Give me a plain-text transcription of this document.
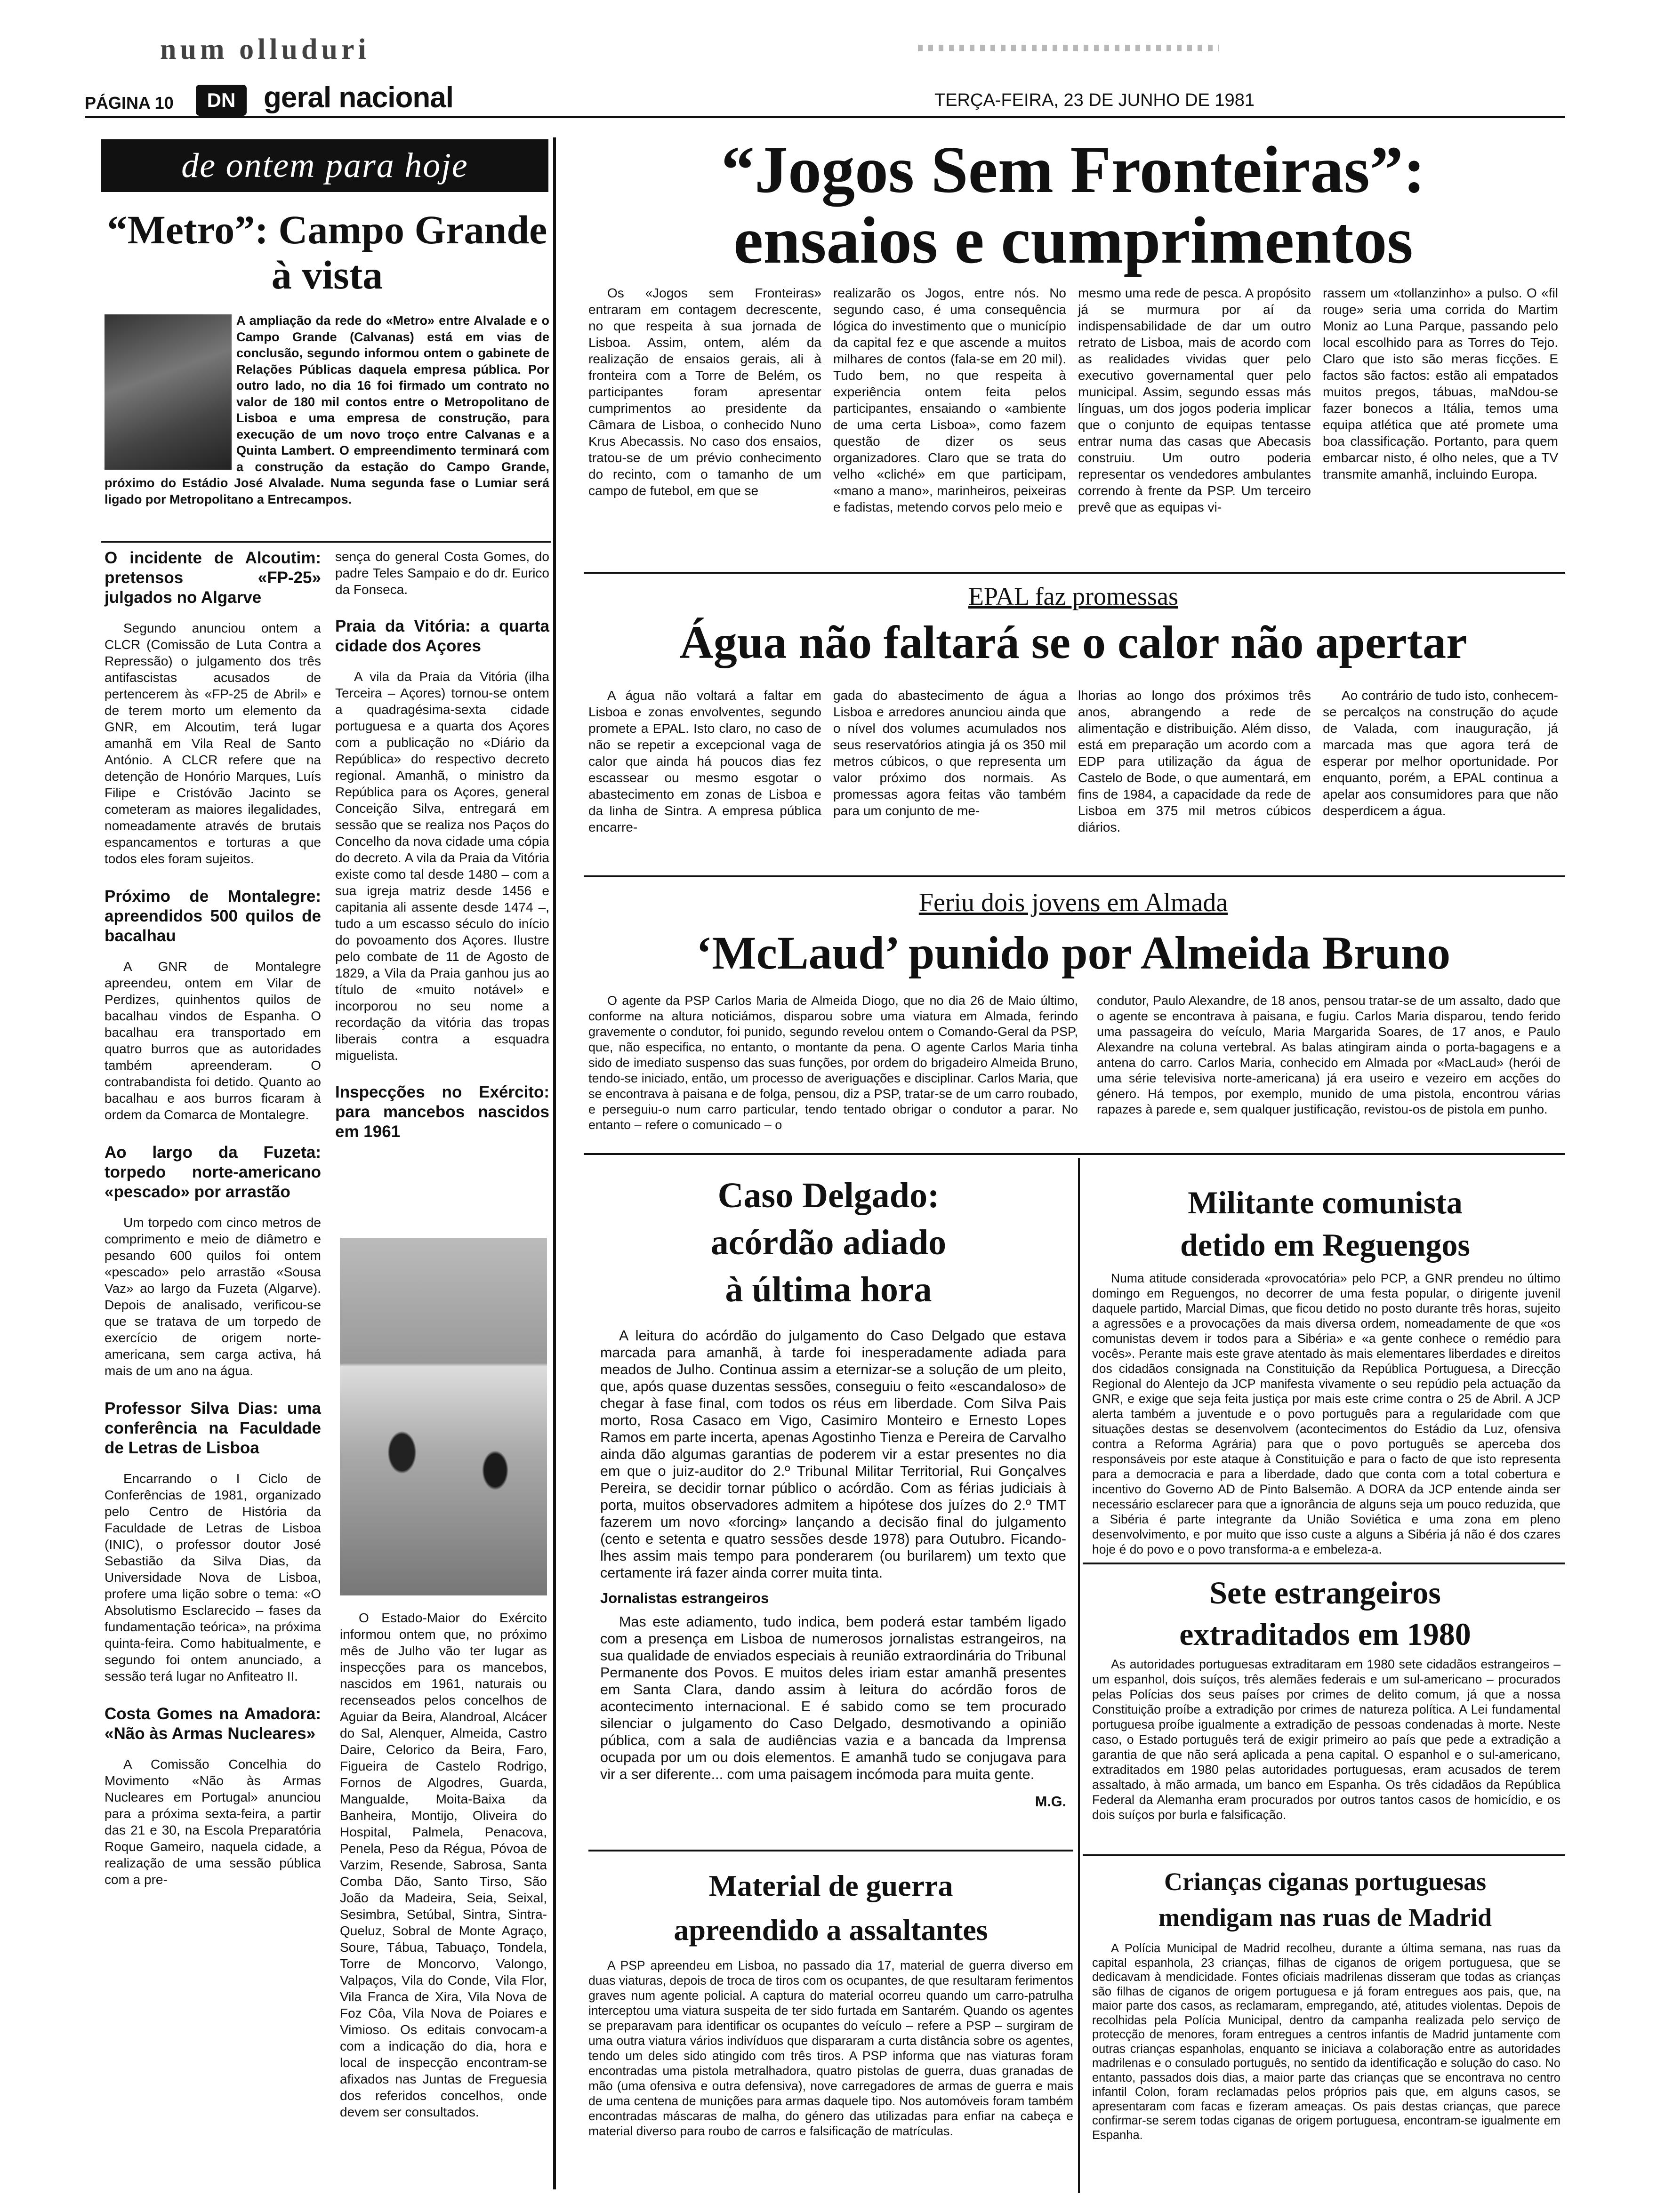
num olluduri
PÁGINA 10	DN geral nacional	TERÇA-FEIRA, 23 DE JUNHO DE 1981
de ontem para hoje
“Metro”: Campo Grande à vista
A ampliação da rede do «Metro» entre Alvalade e o Campo Grande (Calvanas) está em vias de conclusão, segundo informou ontem o gabinete de Relações Públicas daquela empresa pública. Por outro lado, no dia 16 foi firmado um contrato no valor de 180 mil contos entre o Metropolitano de Lisboa e uma empresa de construção, para execução de um novo troço entre Calvanas e a Quinta Lambert. O empreendimento terminará com a construção da estação do Campo Grande, próximo do Estádio José Alvalade. Numa segunda fase o Lumiar será ligado por Metropolitano a Entrecampos.
O incidente de Alcoutim: pretensos «FP-25» julgados no Algarve

Segundo anunciou ontem a CLCR (Comissão de Luta Contra a Repressão) o julgamento dos três antifascistas acusados de pertencerem às «FP-25 de Abril» e de terem morto um elemento da GNR, em Alcoutim, terá lugar amanhã em Vila Real de Santo António. A CLCR refere que na detenção de Honório Marques, Luís Filipe e Cristóvão Jacinto se cometeram as maiores ilegalidades, nomeadamente através de brutais espancamentos e torturas a que todos eles foram sujeitos.

Próximo de Montalegre: apreendidos 500 quilos de bacalhau

A GNR de Montalegre apreendeu, ontem em Vilar de Perdizes, quinhentos quilos de bacalhau vindos de Espanha. O bacalhau era transportado em quatro burros que as autoridades também apreenderam. O contrabandista foi detido. Quanto ao bacalhau e aos burros ficaram à ordem da Comarca de Montalegre.

Ao largo da Fuzeta: torpedo norte-americano «pescado» por arrastão

Um torpedo com cinco metros de comprimento e meio de diâmetro e pesando 600 quilos foi ontem «pescado» pelo arrastão «Sousa Vaz» ao largo da Fuzeta (Algarve). Depois de analisado, verificou-se que se tratava de um torpedo de exercício de origem norte-americana, sem carga activa, há mais de um ano na água.

Professor Silva Dias: uma conferência na Faculdade de Letras de Lisboa

Encarrando o I Ciclo de Conferências de 1981, organizado pelo Centro de História da Faculdade de Letras de Lisboa (INIC), o professor doutor José Sebastião da Silva Dias, da Universidade Nova de Lisboa, profere uma lição sobre o tema: «O Absolutismo Esclarecido – fases da fundamentação teórica», na próxima quinta-feira. Como habitualmente, e segundo foi ontem anunciado, a sessão terá lugar no Anfiteatro II.

Costa Gomes na Amadora: «Não às Armas Nucleares»

A Comissão Concelhia do Movimento «Não às Armas Nucleares em Portugal» anunciou para a próxima sexta-feira, a partir das 21 e 30, na Escola Preparatória Roque Gameiro, naquela cidade, a realização de uma sessão pública com a pre-

sença do general Costa Gomes, do padre Teles Sampaio e do dr. Eurico da Fonseca.

Praia da Vitória: a quarta cidade dos Açores

A vila da Praia da Vitória (ilha Terceira – Açores) tornou-se ontem a quadragésima-sexta cidade portuguesa e a quarta dos Açores com a publicação no «Diário da República» do respectivo decreto regional. Amanhã, o ministro da República para os Açores, general Conceição Silva, entregará em sessão que se realiza nos Paços do Concelho da nova cidade uma cópia do decreto. A vila da Praia da Vitória existe como tal desde 1480 – com a sua igreja matriz desde 1456 e capitania ali assente desde 1474 –, tudo a um escasso século do início do povoamento dos Açores. Ilustre pelo combate de 11 de Agosto de 1829, a Vila da Praia ganhou jus ao título de «muito notável» e incorporou no seu nome a recordação da vitória das tropas liberais contra a esquadra miguelista.

Inspecções no Exército: para mancebos nascidos em 1961

O Estado-Maior do Exército informou ontem que, no próximo mês de Julho vão ter lugar as inspecções para os mancebos, nascidos em 1961, naturais ou recenseados pelos concelhos de Aguiar da Beira, Alandroal, Alcácer do Sal, Alenquer, Almeida, Castro Daire, Celorico da Beira, Faro, Figueira de Castelo Rodrigo, Fornos de Algodres, Guarda, Mangualde, Moita-Baixa da Banheira, Montijo, Oliveira do Hospital, Palmela, Penacova, Penela, Peso da Régua, Póvoa de Varzim, Resende, Sabrosa, Santa Comba Dão, Santo Tirso, São João da Madeira, Seia, Seixal, Sesimbra, Setúbal, Sintra, Sintra-Queluz, Sobral de Monte Agraço, Soure, Tábua, Tabuaço, Tondela, Torre de Moncorvo, Valongo, Valpaços, Vila do Conde, Vila Flor, Vila Franca de Xira, Vila Nova de Foz Côa, Vila Nova de Poiares e Vimioso. Os editais convocam-a com a indicação do dia, hora e local de inspecção encontram-se afixados nas Juntas de Freguesia dos referidos concelhos, onde devem ser consultados.

“Jogos Sem Fronteiras”:
ensaios e cumprimentos

Os «Jogos sem Fronteiras» entraram em contagem decrescente, no que respeita à sua jornada de Lisboa. Assim, ontem, além da realização de ensaios gerais, ali à fronteira com a Torre de Belém, os participantes foram apresentar cumprimentos ao presidente da Câmara de Lisboa, o conhecido Nuno Krus Abecassis. No caso dos ensaios, tratou-se de um prévio conhecimento do recinto, com o tamanho de um campo de futebol, em que se

realizarão os Jogos, entre nós. No segundo caso, é uma consequência lógica do investimento que o município da capital fez e que ascende a muitos milhares de contos (fala-se em 20 mil). Tudo bem, no que respeita à experiência ontem feita pelos participantes, ensaiando o «ambiente de uma certa Lisboa», como fazem questão de dizer os seus organizadores. Claro que se trata do velho «cliché» em que participam, «mano a mano», marinheiros, peixeiras e fadistas, metendo corvos pelo meio e

mesmo uma rede de pesca. A propósito já se murmura por aí da indispensabilidade de dar um outro retrato de Lisboa, mais de acordo com as realidades vividas quer pelo executivo governamental quer pelo municipal. Assim, segundo essas más línguas, um dos jogos poderia implicar que o conjunto de equipas tentasse entrar numa das casas que Abecasis construiu. Um outro poderia representar os vendedores ambulantes correndo à frente da PSP. Um terceiro prevê que as equipas vi-

rassem um «tollanzinho» a pulso. O «fil rouge» seria uma corrida do Martim Moniz ao Luna Parque, passando pelo local escolhido para as Torres do Tejo. Claro que isto são meras ficções. E factos são factos: estão ali empatados muitos pregos, tábuas, maNdou-se fazer bonecos a Itália, temos uma equipa atlética que até promete uma boa classificação. Portanto, para quem embarcar nisto, é olho neles, que a TV transmite amanhã, incluindo Europa.

EPAL faz promessas
Água não faltará se o calor não apertar

A água não voltará a faltar em Lisboa e zonas envolventes, segundo promete a EPAL. Isto claro, no caso de não se repetir a excepcional vaga de calor que ainda há poucos dias fez escassear ou mesmo esgotar o abastecimento em zonas de Lisboa e da linha de Sintra. A empresa pública encarre-

gada do abastecimento de água a Lisboa e arredores anunciou ainda que o nível dos volumes acumulados nos seus reservatórios atingia já os 350 mil metros cúbicos, o que representa um valor próximo dos normais. As promessas agora feitas vão também para um conjunto de me-

lhorias ao longo dos próximos três anos, abrangendo a rede de alimentação e distribuição. Além disso, está em preparação um acordo com a EDP para utilização da água de Castelo de Bode, o que aumentará, em fins de 1984, a capacidade da rede de Lisboa em 375 mil metros cúbicos diários.

Ao contrário de tudo isto, conhecem-se percalços na construção do açude de Valada, com inauguração, já marcada mas que agora terá de esperar por melhor oportunidade. Por enquanto, porém, a EPAL continua a apelar aos consumidores para que não desperdicem a água.

Feriu dois jovens em Almada
‘McLaud’ punido por Almeida Bruno

O agente da PSP Carlos Maria de Almeida Diogo, que no dia 26 de Maio último, conforme na altura noticiámos, disparou sobre uma viatura em Almada, ferindo gravemente o condutor, foi punido, segundo revelou ontem o Comando-Geral da PSP, que, não especifica, no entanto, o montante da pena. O agente Carlos Maria tinha sido de imediato suspenso das suas funções, por ordem do brigadeiro Almeida Bruno, tendo-se iniciado, então, um processo de averiguações e disciplinar. Carlos Maria, que se encontrava à paisana e de folga, pensou, diz a PSP, tratar-se de um carro roubado, e perseguiu-o num carro particular, tendo tentado obrigar o condutor a parar. No entanto – refere o comunicado – o

condutor, Paulo Alexandre, de 18 anos, pensou tratar-se de um assalto, dado que o agente se encontrava à paisana, e fugiu. Carlos Maria disparou, tendo ferido uma passageira do veículo, Maria Margarida Soares, de 17 anos, e Paulo Alexandre na coluna vertebral. As balas atingiram ainda o porta-bagagens e a antena do carro. Carlos Maria, conhecido em Almada por «MacLaud» (herói de uma série televisiva norte-americana) já era useiro e vezeiro em acções do género. Há tempos, por exemplo, munido de uma pistola, encontrou várias rapazes à parede e, sem qualquer justificação, revistou-os de pistola em punho.

Caso Delgado:
acórdão adiado
à última hora

A leitura do acórdão do julgamento do Caso Delgado que estava marcada para amanhã, à tarde foi inesperadamente adiada para meados de Julho. Continua assim a eternizar-se a solução de um pleito, que, após quase duzentas sessões, conseguiu o feito «escandaloso» de chegar à fase final, com todos os réus em liberdade. Com Silva Pais morto, Rosa Casaco em Vigo, Casimiro Monteiro e Ernesto Lopes Ramos em parte incerta, apenas Agostinho Tienza e Pereira de Carvalho ainda dão algumas garantias de poderem vir a estar presentes no dia em que o juiz-auditor do 2.º Tribunal Militar Territorial, Rui Gonçalves Pereira, se decidir tornar público o acórdão. Com as férias judiciais à porta, muitos observadores admitem a hipótese dos juízes do 2.º TMT fazerem um novo «forcing» lançando a decisão final do julgamento (cento e setenta e quatro sessões desde 1978) para Outubro. Ficando-lhes assim mais tempo para ponderarem (ou burilarem) um texto que certamente irá fazer ainda correr muita tinta.

Jornalistas estrangeiros

Mas este adiamento, tudo indica, bem poderá estar também ligado com a presença em Lisboa de numerosos jornalistas estrangeiros, na sua qualidade de enviados especiais à reunião extraordinária do Tribunal Permanente dos Povos. E muitos deles iriam estar amanhã presentes em Santa Clara, dando assim à leitura do acórdão foros de acontecimento internacional. E é sabido como se tem procurado silenciar o julgamento do Caso Delgado, desmotivando a opinião pública, com a sala de audiências vazia e a bancada da Imprensa ocupada por um ou dois elementos. E amanhã tudo se conjugava para vir a ser diferente... com uma paisagem incómoda para muita gente.

M.G.
Material de guerra
apreendido a assaltantes

A PSP apreendeu em Lisboa, no passado dia 17, material de guerra diverso em duas viaturas, depois de troca de tiros com os ocupantes, de que resultaram ferimentos graves num agente policial. A captura do material ocorreu quando um carro-patrulha interceptou uma viatura suspeita de ter sido furtada em Santarém. Quando os agentes se preparavam para identificar os ocupantes do veículo – refere a PSP – surgiram de uma outra viatura vários indivíduos que dispararam a curta distância sobre os agentes, tendo um deles sido atingido com três tiros. A PSP informa que nas viaturas foram encontradas uma pistola metralhadora, quatro pistolas de guerra, duas granadas de mão (uma ofensiva e outra defensiva), nove carregadores de armas de guerra e mais de uma centena de munições para armas daquele tipo. Nos automóveis foram também encontradas máscaras de malha, do género das utilizadas para enfiar na cabeça e material diverso para roubo de carros e falsificação de matrículas.

Militante comunista
detido em Reguengos

Numa atitude considerada «provocatória» pelo PCP, a GNR prendeu no último domingo em Reguengos, no decorrer de uma festa popular, o dirigente juvenil daquele partido, Marcial Dimas, que ficou detido no posto durante três horas, sujeito a agressões e a provocações da mais diversa ordem, nomeadamente de que «os comunistas devem ir todos para a Sibéria» e «a gente conhece o remédio para vocês». Perante mais este grave atentado às mais elementares liberdades e direitos dos cidadãos consignada na Constituição da República Portuguesa, a Direcção Regional do Alentejo da JCP manifesta vivamente o seu repúdio pela actuação da GNR, e exige que seja feita justiça por mais este crime contra o 25 de Abril. A JCP alerta também a juventude e o povo português para a regularidade com que situações destas se desenvolvem (acontecimentos do Estádio da Luz, ofensiva contra a Reforma Agrária) para que o povo português se aperceba dos responsáveis por este ataque à Constituição e para o facto de que isto representa para a democracia e para a liberdade, dado que conta com a total cobertura e incentivo do Governo AD de Pinto Balsemão. A DORA da JCP entende ainda ser necessário esclarecer para que a ignorância de alguns seja um pouco reduzida, que a Sibéria é parte integrante da União Soviética e uma zona em pleno desenvolvimento, e por muito que isso custe a alguns a Sibéria já não é dos czares hoje é do povo e o povo transforma-a e embeleza-a.

Sete estrangeiros
extraditados em 1980

As autoridades portuguesas extraditaram em 1980 sete cidadãos estrangeiros – um espanhol, dois suíços, três alemães federais e um sul-americano – procurados pelas Polícias dos seus países por crimes de delito comum, já que a nossa Constituição proíbe a extradição por crimes de natureza política. A Lei fundamental portuguesa proíbe igualmente a extradição de pessoas condenadas à morte. Neste caso, o Estado português terá de exigir primeiro ao país que pede a extradição a garantia de que não será aplicada a pena capital. O espanhol e o sul-americano, extraditados em 1980 pelas autoridades portuguesas, eram acusados de terem assaltado, à mão armada, um banco em Espanha. Os três cidadãos da República Federal da Alemanha eram procurados por outros tantos casos de homicídio, e os dois suíços por burla e falsificação.

Crianças ciganas portuguesas
mendigam nas ruas de Madrid

A Polícia Municipal de Madrid recolheu, durante a última semana, nas ruas da capital espanhola, 23 crianças, filhas de ciganos de origem portuguesa, que se dedicavam à mendicidade. Fontes oficiais madrilenas disseram que todas as crianças são filhas de ciganos de origem portuguesa e já foram entregues aos pais, que, na maior parte dos casos, as reclamaram, empregando, até, atitudes violentas. Depois de recolhidas pela Polícia Municipal, dentro da campanha realizada pelo serviço de protecção de menores, foram entregues a centros infantis de Madrid juntamente com outras crianças espanholas, enquanto se iniciava a colaboração entre as autoridades madrilenas e o consulado português, no sentido da identificação e solução do caso. No entanto, passados dois dias, a maior parte das crianças que se encontrava no centro infantil Colon, foram reclamadas pelos próprios pais que, em alguns casos, se apresentaram com facas e fizeram ameaças. Os pais destas crianças, que parece confirmar-se serem todas ciganas de origem portuguesa, encontram-se igualmente em Espanha.
